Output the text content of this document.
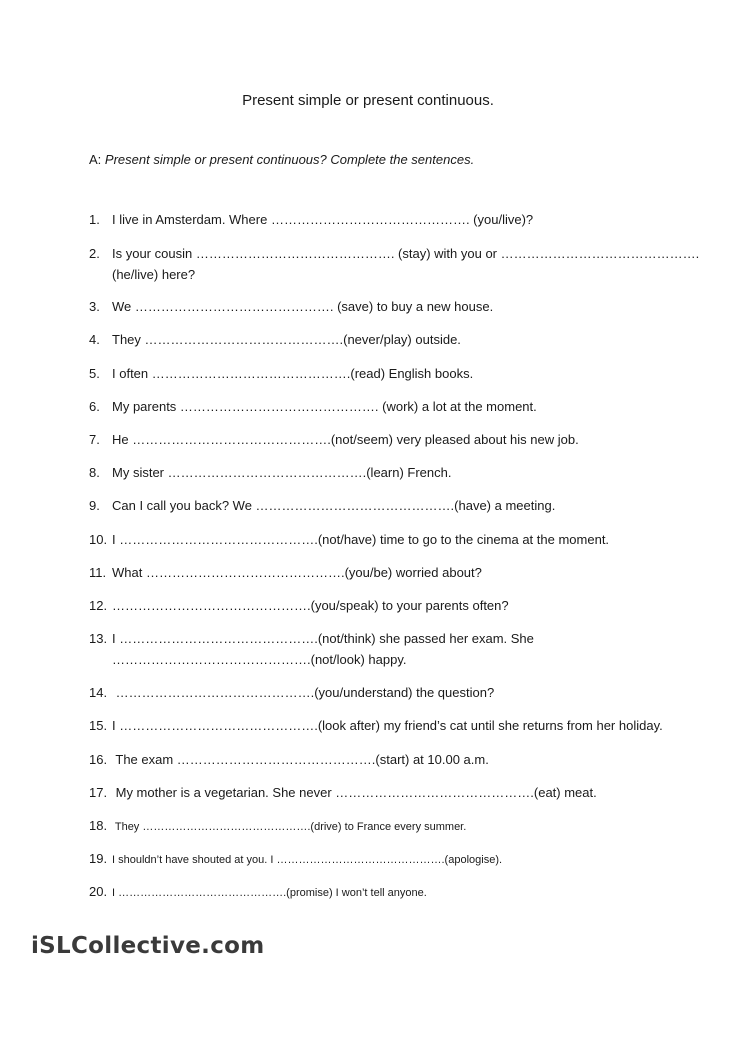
Present simple or present continuous.
A: Present simple or present continuous? Complete the sentences.
1. I live in Amsterdam. Where ………………………………………. (you/live)?
2. Is your cousin ………………………………………. (stay) with you or ……………………………………….
(he/live) here?
3. We ………………………………………. (save) to buy a new house.
4. They ……………………………………….(never/play) outside.
5. I often ……………………………………….(read) English books.
6. My parents ………………………………………. (work) a lot at the moment.
7. He ……………………………………….(not/seem) very pleased about his new job.
8. My sister ……………………………………….(learn) French.
9. Can I call you back? We ……………………………………….(have) a meeting.
10. I ……………………………………….(not/have) time to go to the cinema at the moment.
11. What ……………………………………….(you/be) worried about?
12. ……………………………………….(you/speak) to your parents often?
13. I ……………………………………….(not/think) she passed her exam. She
……………………………………….(not/look) happy.
14. ……………………………………….(you/understand) the question?
15. I ……………………………………….(look after) my friend’s cat until she returns from her holiday.
16. The exam ……………………………………….(start) at 10.00 a.m.
17. My mother is a vegetarian. She never ……………………………………….(eat) meat.
18. They ……………………………………….(drive) to France every summer.
19. I shouldn’t have shouted at you. I ……………………………………….(apologise).
20. I ……………………………………….(promise) I won’t tell anyone.
iSLCollective.com
